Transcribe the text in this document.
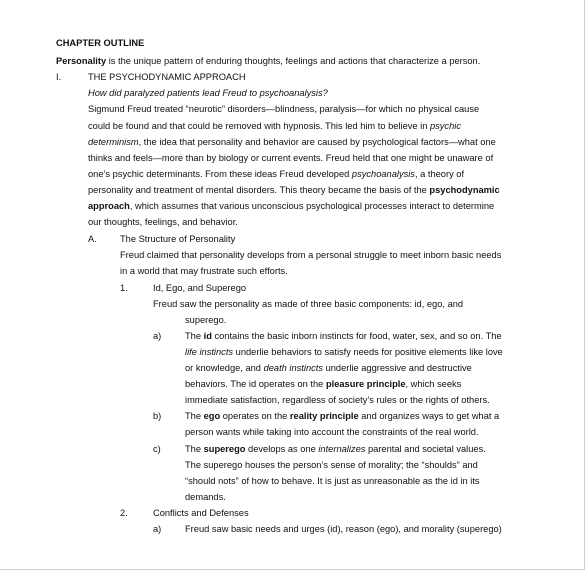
CHAPTER OUTLINE
Personality is the unique pattern of enduring thoughts, feelings and actions that characterize a person.
I.	THE PSYCHODYNAMIC APPROACH
How did paralyzed patients lead Freud to psychoanalysis?
Sigmund Freud treated “neurotic” disorders—blindness, paralysis—for which no physical cause
could be found and that could be removed with hypnosis. This led him to believe in psychic
determinism, the idea that personality and behavior are caused by psychological factors—what one
thinks and feels—more than by biology or current events. Freud held that one might be unaware of
one’s psychic determinants. From these ideas Freud developed psychoanalysis, a theory of
personality and treatment of mental disorders. This theory became the basis of the psychodynamic
approach, which assumes that various unconscious psychological processes interact to determine
our thoughts, feelings, and behavior.
A. The Structure of Personality
Freud claimed that personality develops from a personal struggle to meet inborn basic needs
in a world that may frustrate such efforts.
1.	Id, Ego, and Superego
Freud saw the personality as made of three basic components: id, ego, and
superego.
a)	The id contains the basic inborn instincts for food, water, sex, and so on. The
life instincts underlie behaviors to satisfy needs for positive elements like love
or knowledge, and death instincts underlie aggressive and destructive
behaviors. The id operates on the pleasure principle, which seeks
immediate satisfaction, regardless of society’s rules or the rights of others.
b)	The ego operates on the reality principle and organizes ways to get what a
person wants while taking into account the constraints of the real world.
c)	The superego develops as one internalizes parental and societal values.
The superego houses the person’s sense of morality; the “shoulds” and
“should nots” of how to behave. It is just as unreasonable as the id in its
demands.
2.	Conflicts and Defenses
a)	Freud saw basic needs and urges (id), reason (ego), and morality (superego)
